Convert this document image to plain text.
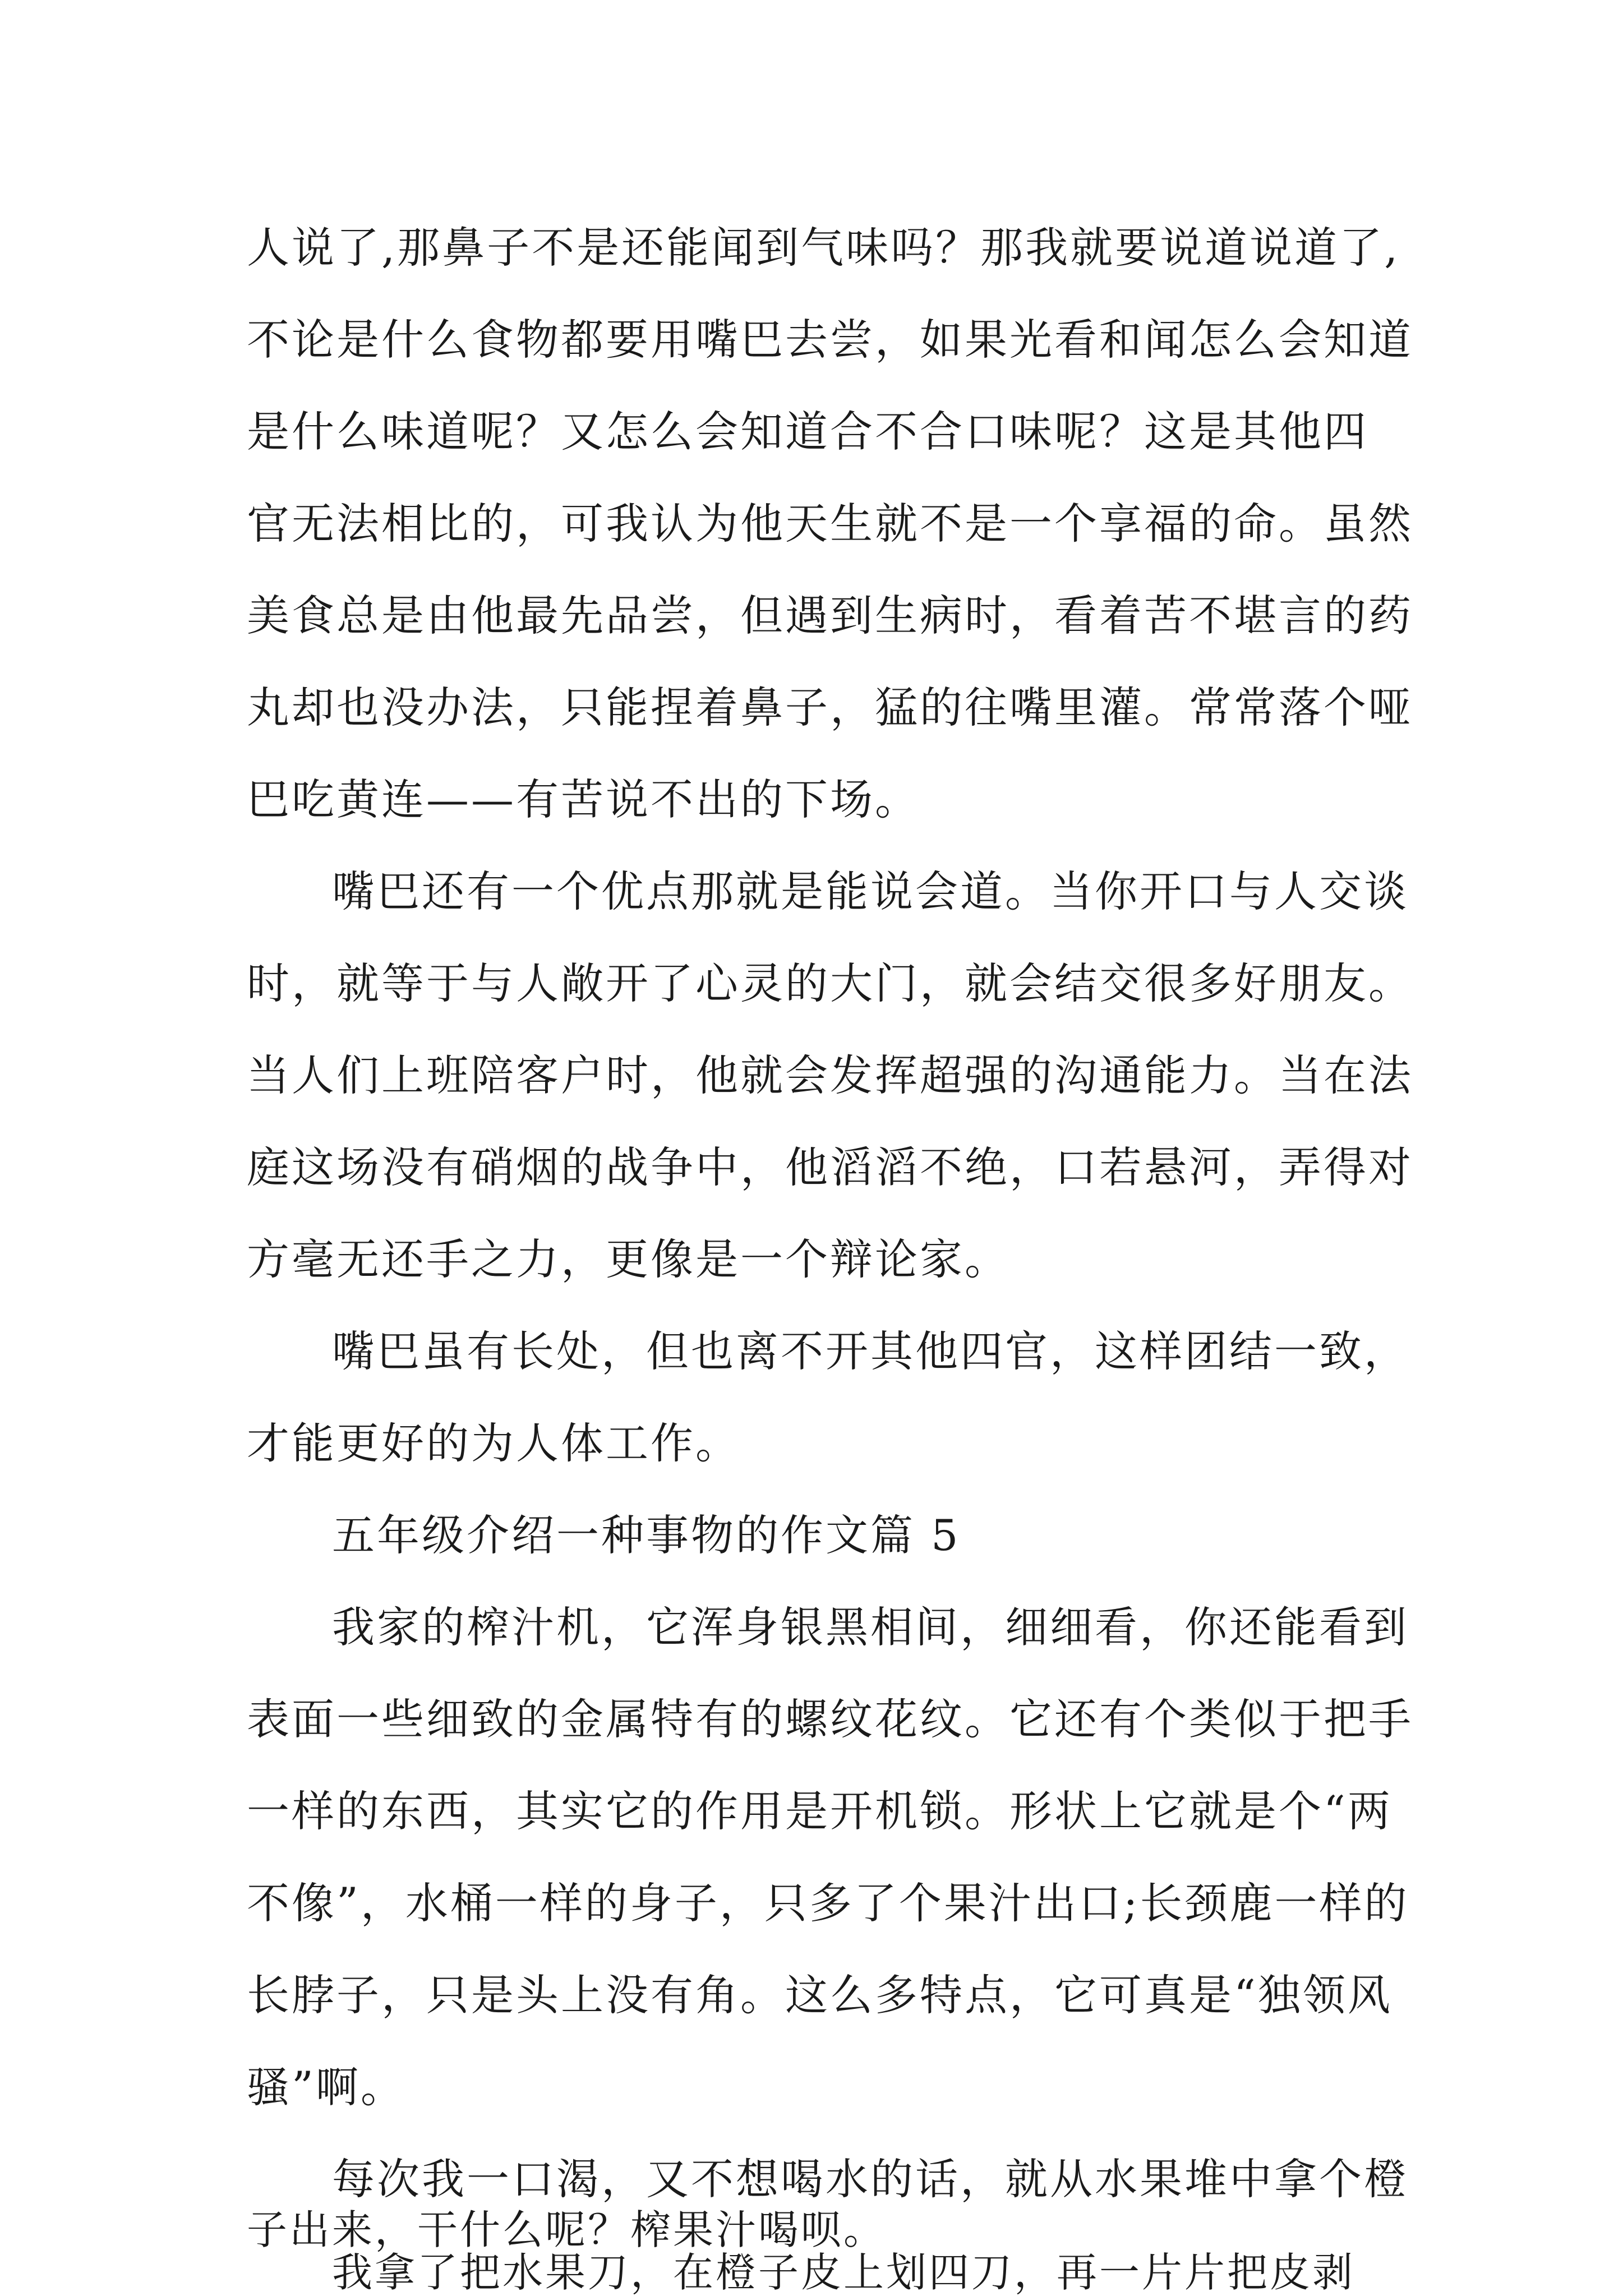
人说了,那鼻子不是还能闻到气味吗？那我就要说道说道了,
不论是什么食物都要用嘴巴去尝，如果光看和闻怎么会知道
是什么味道呢？又怎么会知道合不合口味呢？这是其他四
官无法相比的，可我认为他天生就不是一个享福的命。虽然
美食总是由他最先品尝，但遇到生病时，看着苦不堪言的药
丸却也没办法，只能捏着鼻子，猛的往嘴里灌。常常落个哑
巴吃黄连——有苦说不出的下场。
嘴巴还有一个优点那就是能说会道。当你开口与人交谈
时，就等于与人敞开了心灵的大门，就会结交很多好朋友。
当人们上班陪客户时，他就会发挥超强的沟通能力。当在法
庭这场没有硝烟的战争中，他滔滔不绝，口若悬河，弄得对
方毫无还手之力，更像是一个辩论家。
嘴巴虽有长处，但也离不开其他四官，这样团结一致，
才能更好的为人体工作。
五年级介绍一种事物的作文篇 5
我家的榨汁机，它浑身银黑相间，细细看，你还能看到
表面一些细致的金属特有的螺纹花纹。它还有个类似于把手
一样的东西，其实它的作用是开机锁。形状上它就是个“两
不像”，水桶一样的身子，只多了个果汁出口;长颈鹿一样的
长脖子，只是头上没有角。这么多特点，它可真是“独领风
骚”啊。
每次我一口渴，又不想喝水的话，就从水果堆中拿个橙
子出来，干什么呢？榨果汁喝呗。
我拿了把水果刀，在橙子皮上划四刀，再一片片把皮剥
